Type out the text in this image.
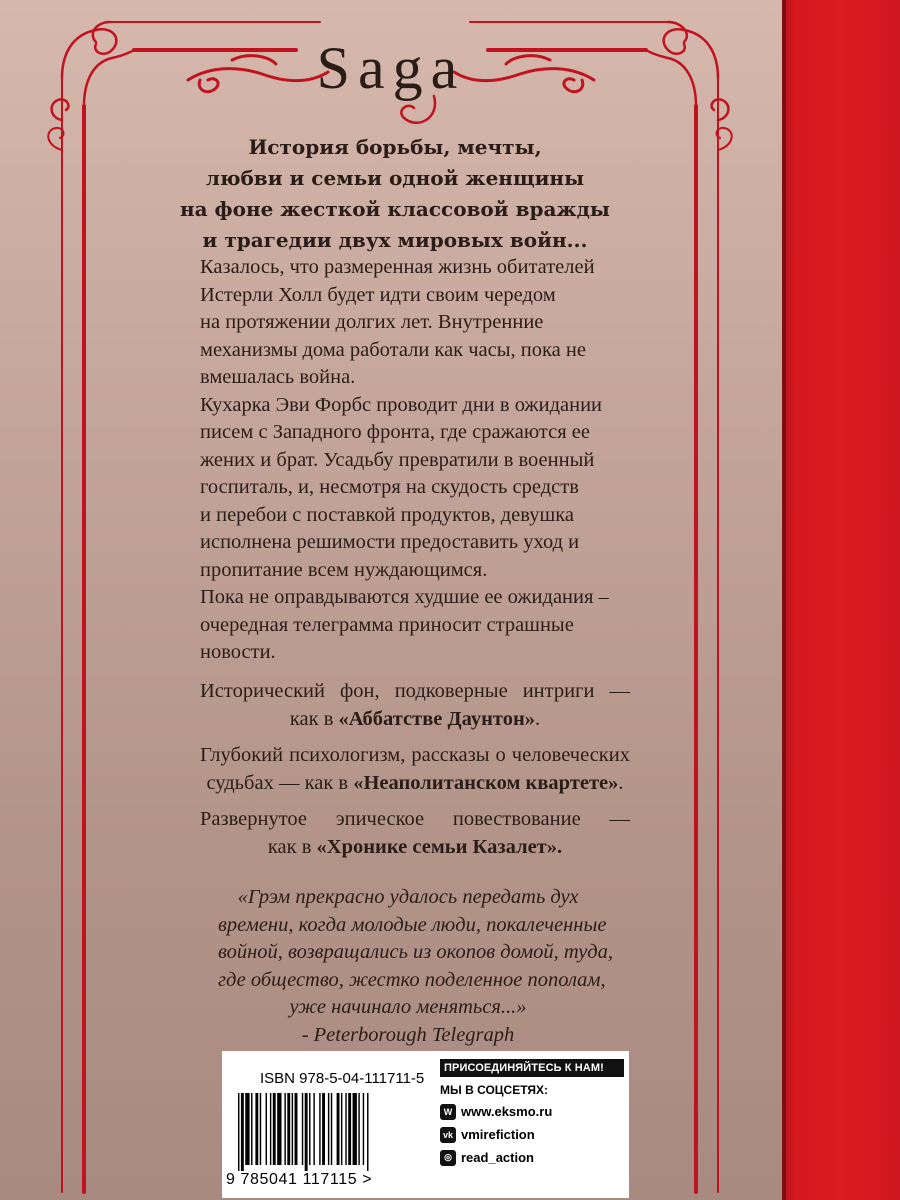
Saga
История борьбы, мечты,
любви и семьи одной женщины
на фоне жесткой классовой вражды
и трагедии двух мировых войн...
Казалось, что размеренная жизнь обитателей
Истерли Холл будет идти своим чередом
на протяжении долгих лет. Внутренние
механизмы дома работали как часы, пока не
вмешалась война.
Кухарка Эви Форбс проводит дни в ожидании
писем с Западного фронта, где сражаются ее
жених и брат. Усадьбу превратили в военный
госпиталь, и, несмотря на скудость средств
и перебои с поставкой продуктов, девушка
исполнена решимости предоставить уход и
пропитание всем нуждающимся.
Пока не оправдываются худшие ее ожидания –
очередная телеграмма приносит страшные
новости.
Исторический фон, подковерные интриги —
как в «Аббатстве Даунтон».
Глубокий психологизм, рассказы о человеческих
судьбах — как в «Неаполитанском квартете».
Развернутое эпическое повествование —
как в «Хронике семьи Казалет».
«Грэм прекрасно удалось передать дух
времени, когда молодые люди, покалеченные
войной, возвращались из окопов домой, туда,
где общество, жестко поделенное пополам,
уже начинало меняться...»
- Peterborough Telegraph
ISBN 978-5-04-111711-5
9 785041 117115 >
ПРИСОЕДИНЯЙТЕСЬ К НАМ!
МЫ В СОЦСЕТЯХ:
W www.eksmo.ru
vk vmirefiction
◎ read_action
